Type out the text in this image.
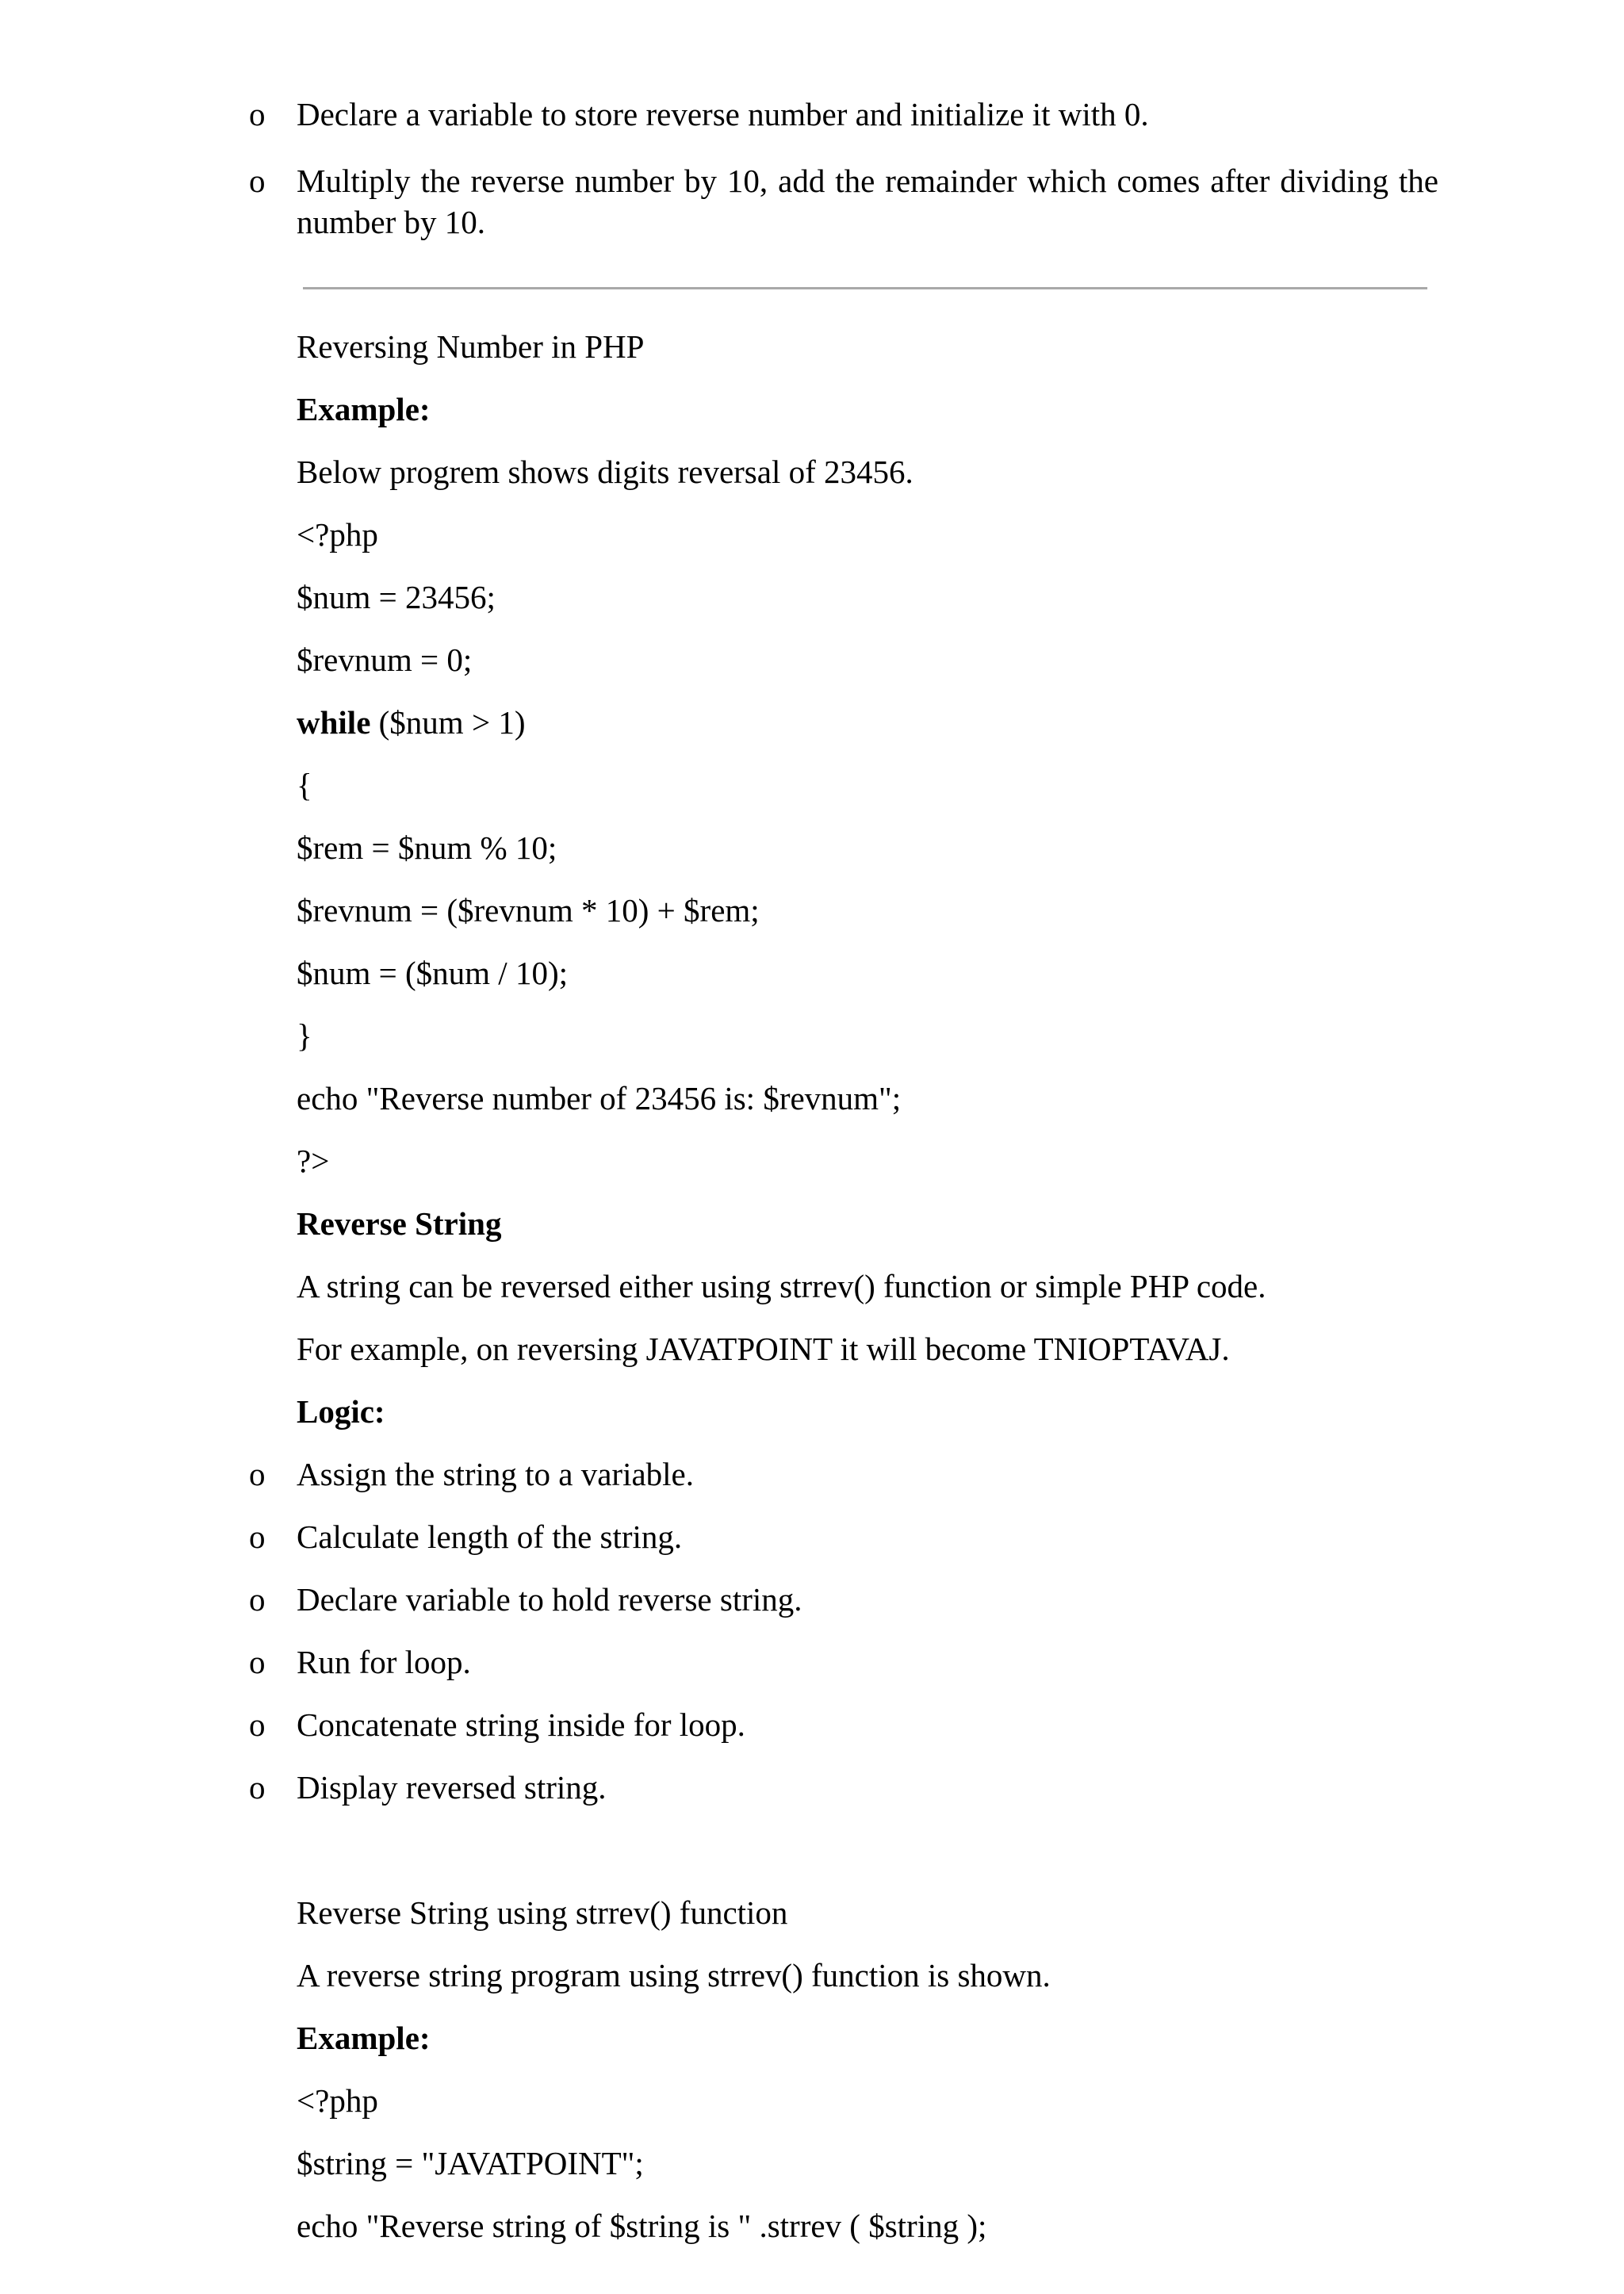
o Declare a variable to store reverse number and initialize it with 0.

o Multiply the reverse number by 10, add the remainder which comes after dividing the number by 10.

Reversing Number in PHP

Example:

Below progrem shows digits reversal of 23456.

<?php

$num = 23456;

$revnum = 0;

while ($num > 1)

{

$rem = $num % 10;

$revnum = ($revnum * 10) + $rem;

$num = ($num / 10);

}

echo "Reverse number of 23456 is: $revnum";

?>

Reverse String

A string can be reversed either using strrev() function or simple PHP code.

For example, on reversing JAVATPOINT it will become TNIOPTAVAJ.

Logic:

o Assign the string to a variable.

o Calculate length of the string.

o Declare variable to hold reverse string.

o Run for loop.

o Concatenate string inside for loop.

o Display reversed string.

Reverse String using strrev() function

A reverse string program using strrev() function is shown.

Example:

<?php

$string = "JAVATPOINT";

echo "Reverse string of $string is " .strrev ( $string );
